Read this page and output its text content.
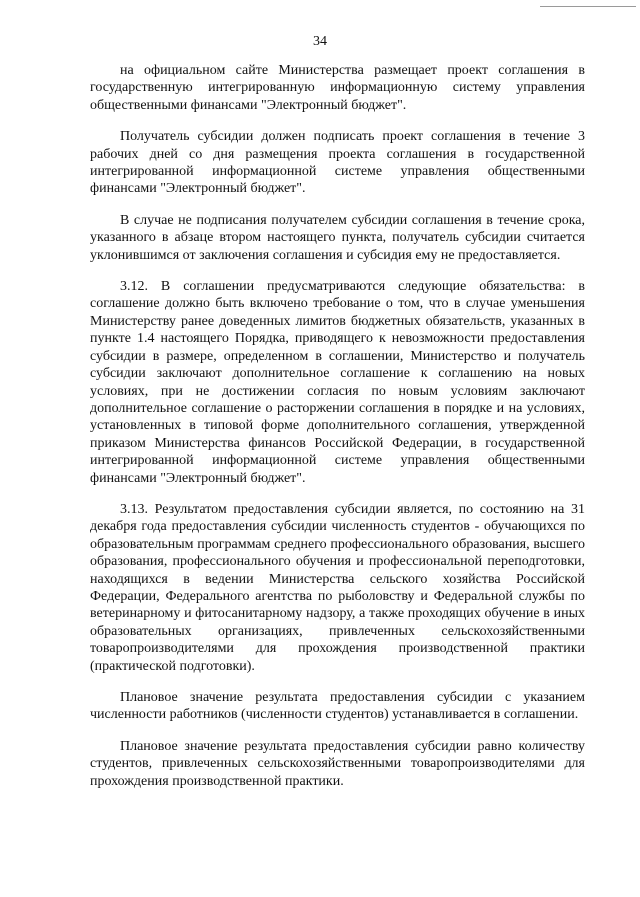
34

на официальном сайте Министерства размещает проект соглашения в государственную интегрированную информационную систему управления общественными финансами "Электронный бюджет".

Получатель субсидии должен подписать проект соглашения в течение 3 рабочих дней со дня размещения проекта соглашения в государственной интегрированной информационной системе управления общественными финансами "Электронный бюджет".

В случае не подписания получателем субсидии соглашения в течение срока, указанного в абзаце втором настоящего пункта, получатель субсидии считается уклонившимся от заключения соглашения и субсидия ему не предоставляется.

3.12. В соглашении предусматриваются следующие обязательства: в соглашение должно быть включено требование о том, что в случае уменьшения Министерству ранее доведенных лимитов бюджетных обязательств, указанных в пункте 1.4 настоящего Порядка, приводящего к невозможности предоставления субсидии в размере, определенном в соглашении, Министерство и получатель субсидии заключают дополнительное соглашение к соглашению на новых условиях, при не достижении согласия по новым условиям заключают дополнительное соглашение о расторжении соглашения в порядке и на условиях, установленных в типовой форме дополнительного соглашения, утвержденной приказом Министерства финансов Российской Федерации, в государственной интегрированной информационной системе управления общественными финансами "Электронный бюджет".

3.13. Результатом предоставления субсидии является, по состоянию на 31 декабря года предоставления субсидии численность студентов - обучающихся по образовательным программам среднего профессионального образования, высшего образования, профессионального обучения и профессиональной переподготовки, находящихся в ведении Министерства сельского хозяйства Российской Федерации, Федерального агентства по рыболовству и Федеральной службы по ветеринарному и фитосанитарному надзору, а также проходящих обучение в иных образовательных организациях, привлеченных сельскохозяйственными товаропроизводителями для прохождения производственной практики (практической подготовки).

Плановое значение результата предоставления субсидии с указанием численности работников (численности студентов) устанавливается в соглашении.

Плановое значение результата предоставления субсидии равно количеству студентов, привлеченных сельскохозяйственными товаропроизводителями для прохождения производственной практики.
